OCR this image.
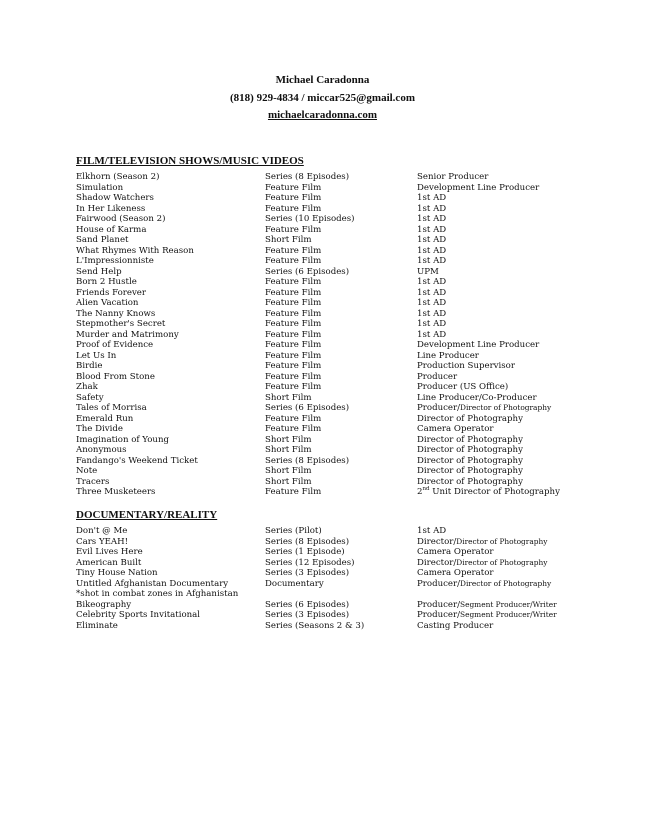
Michael Caradonna
(818) 929-4834 / miccar525@gmail.com
michaelcaradonna.com
FILM/TELEVISION SHOWS/MUSIC VIDEOS
Elkhorn (Season 2)	Series (8 Episodes)	Senior Producer
Simulation	Feature Film	Development Line Producer
Shadow Watchers	Feature Film	1st AD
In Her Likeness	Feature Film	1st AD
Fairwood (Season 2)	Series (10 Episodes)	1st AD
House of Karma	Feature Film	1st AD
Sand Planet	Short Film	1st AD
What Rhymes With Reason	Feature Film	1st AD
L'Impressionniste	Feature Film	1st AD
Send Help	Series (6 Episodes)	UPM
Born 2 Hustle	Feature Film	1st AD
Friends Forever	Feature Film	1st AD
Alien Vacation	Feature Film	1st AD
The Nanny Knows	Feature Film	1st AD
Stepmother's Secret	Feature Film	1st AD
Murder and Matrimony	Feature Film	1st AD
Proof of Evidence	Feature Film	Development Line Producer
Let Us In	Feature Film	Line Producer
Birdie	Feature Film	Production Supervisor
Blood From Stone	Feature Film	Producer
Zhak	Feature Film	Producer (US Office)
Safety	Short Film	Line Producer/Co-Producer
Tales of Morrisa	Series (6 Episodes)	Producer/Director of Photography
Emerald Run	Feature Film	Director of Photography
The Divide	Feature Film	Camera Operator
Imagination of Young	Short Film	Director of Photography
Anonymous	Short Film	Director of Photography
Fandango's Weekend Ticket	Series (8 Episodes)	Director of Photography
Note	Short Film	Director of Photography
Tracers	Short Film	Director of Photography
Three Musketeers	Feature Film	2nd Unit Director of Photography
DOCUMENTARY/REALITY
Don't @ Me	Series (Pilot)	1st AD
Cars YEAH!	Series (8 Episodes)	Director/Director of Photography
Evil Lives Here	Series (1 Episode)	Camera Operator
American Built	Series (12 Episodes)	Director/Director of Photography
Tiny House Nation	Series (3 Episodes)	Camera Operator
Untitled Afghanistan Documentary	Documentary	Producer/Director of Photography
*shot in combat zones in Afghanistan
Bikeography	Series (6 Episodes)	Producer/Segment Producer/Writer
Celebrity Sports Invitational	Series (3 Episodes)	Producer/Segment Producer/Writer
Eliminate	Series (Seasons 2 & 3)	Casting Producer
